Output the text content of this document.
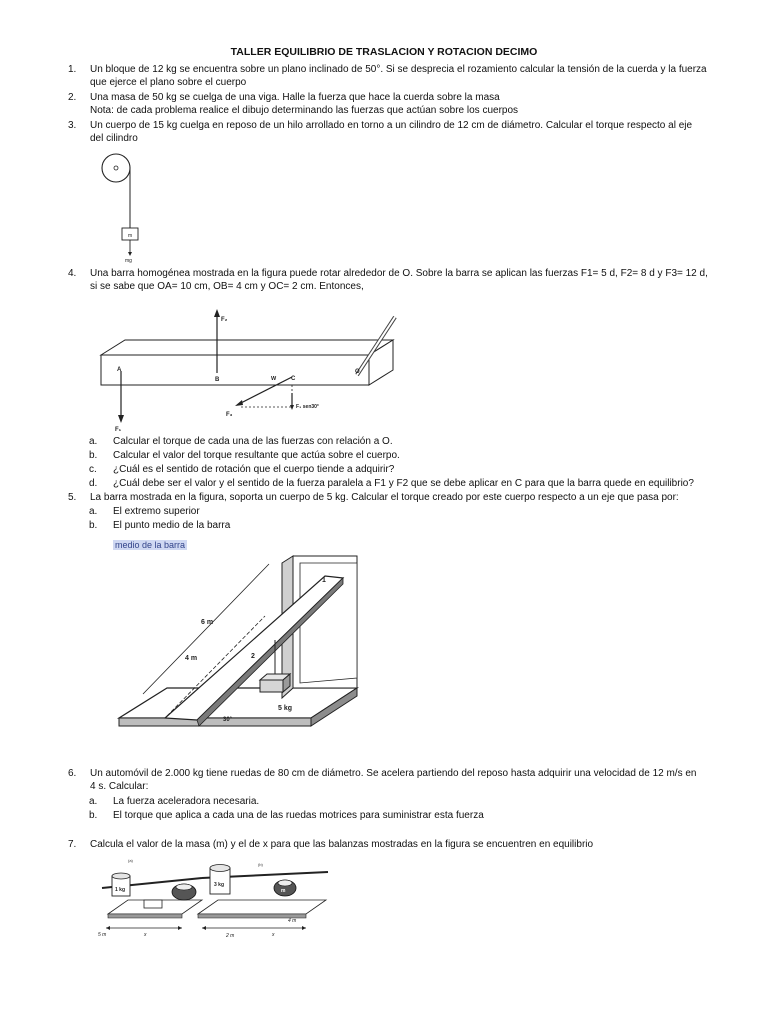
TALLER EQUILIBRIO DE TRASLACION Y ROTACION DECIMO
1. Un bloque de 12 kg se encuentra sobre un plano inclinado de 50°. Si se desprecia el rozamiento calcular la tensión de la cuerda y la fuerza
que ejerce el plano sobre el cuerpo
2. Una masa de 50 kg se cuelga de una viga. Halle la fuerza que hace la cuerda sobre la masa
Nota: de cada problema realice el dibujo determinando las fuerzas que actúan sobre los cuerpos
3. Un cuerpo de 15 kg cuelga en reposo de un hilo arrollado en torno a un cilindro de 12 cm de diámetro. Calcular el torque respecto al eje
del cilindro
m
mg
4. Una barra homogénea mostrada en la figura puede rotar alrededor de O. Sobre la barra se aplican las fuerzas F1= 5 d, F2= 8 d y F3= 12 d,
si se sabe que OA= 10 cm, OB= 4 cm y OC= 2 cm. Entonces,
F₂
A
B	W C
O
F₁
F₃
F₃ sen30°
a. Calcular el torque de cada una de las fuerzas con relación a O.
b. Calcular el valor del torque resultante que actúa sobre el cuerpo.
c. ¿Cuál es el sentido de rotación que el cuerpo tiende a adquirir?
d. ¿Cuál debe ser el valor y el sentido de la fuerza paralela a F1 y F2 que se debe aplicar en C para que la barra quede en equilibrio?
5. La barra mostrada en la figura, soporta un cuerpo de 5 kg. Calcular el torque creado por este cuerpo respecto a un eje que pasa por:
a. El extremo superior
b. El punto medio de la barra
medio de la barra
5 kg
6 m
4 m
1
2
30°
6. Un automóvil de 2.000 kg tiene ruedas de 80 cm de diámetro. Se acelera partiendo del reposo hasta adquirir una velocidad de 12 m/s en
4 s. Calcular:
a. La fuerza aceleradora necesaria.
b. El torque que aplica a cada una de las ruedas motrices para suministrar esta fuerza
7. Calcula el valor de la masa (m) y el de x para que las balanzas mostradas en la figura se encuentren en equilibrio
(a)
(b)
1 kg
3 kg
m
5 m	x	2 m	x
4 m
